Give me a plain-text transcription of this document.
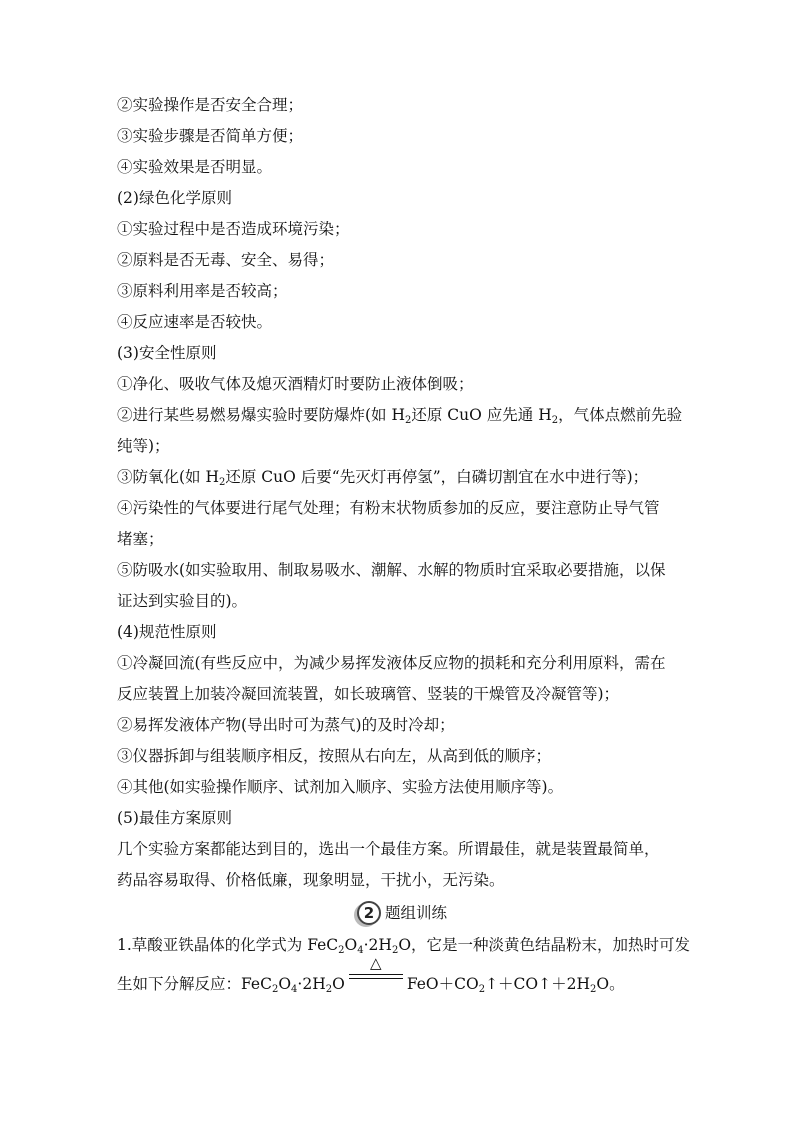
②实验操作是否安全合理；
③实验步骤是否简单方便；
④实验效果是否明显。
(2)绿色化学原则
①实验过程中是否造成环境污染；
②原料是否无毒、安全、易得；
③原料利用率是否较高；
④反应速率是否较快。
(3)安全性原则
①净化、吸收气体及熄灭酒精灯时要防止液体倒吸；
②进行某些易燃易爆实验时要防爆炸(如 $H_2$还原 CuO 应先通 $H_2$，气体点燃前先验
纯等)；
③防氧化(如 $H_2$还原 CuO 后要“先灭灯再停氢”，白磷切割宜在水中进行等)；
④污染性的气体要进行尾气处理；有粉末状物质参加的反应，要注意防止导气管
堵塞；
⑤防吸水(如实验取用、制取易吸水、潮解、水解的物质时宜采取必要措施，以保
证达到实验目的)。
(4)规范性原则
①冷凝回流(有些反应中，为减少易挥发液体反应物的损耗和充分利用原料，需在
反应装置上加装冷凝回流装置，如长玻璃管、竖装的干燥管及冷凝管等)；
②易挥发液体产物(导出时可为蒸气)的及时冷却；
③仪器拆卸与组装顺序相反，按照从右向左，从高到低的顺序；
④其他(如实验操作顺序、试剂加入顺序、实验方法使用顺序等)。
(5)最佳方案原则
几个实验方案都能达到目的，选出一个最佳方案。所谓最佳，就是装置最简单，
药品容易取得、价格低廉，现象明显，干扰小，无污染。
2 题组训练
1.草酸亚铁晶体的化学式为 $FeC_2O_4\cdot 2H_2O$，它是一种淡黄色结晶粉末，加热时可发
生如下分解反应：$FeC_2O_4\cdot 2H_2O$
△
$FeO+CO_2↑+CO↑+2H_2O$。
